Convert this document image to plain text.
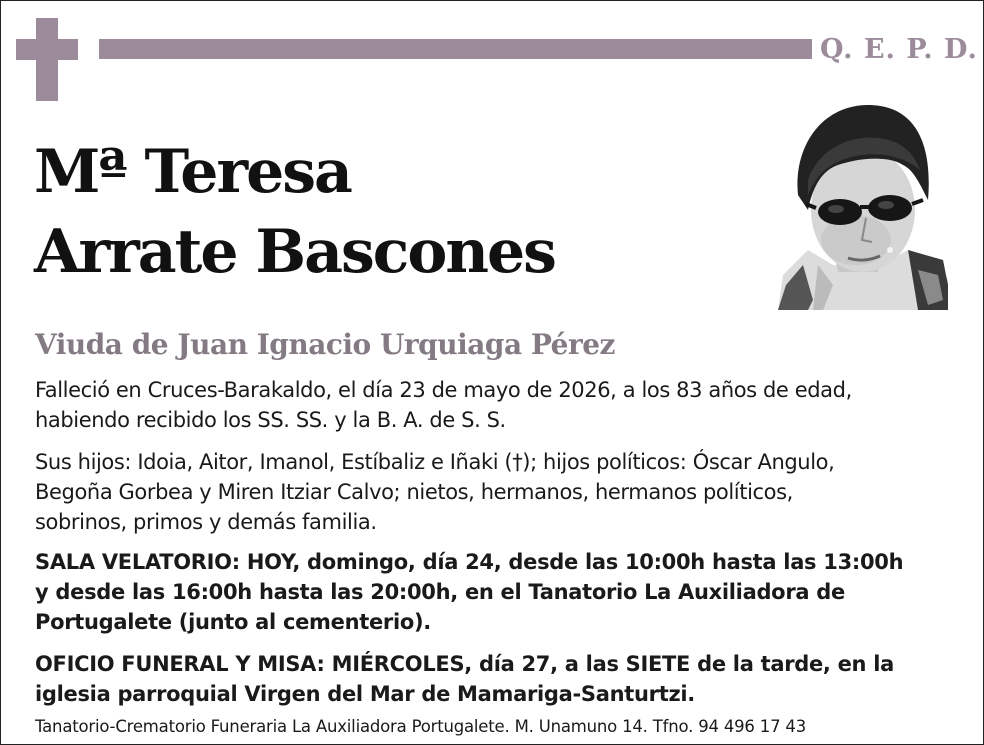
Q. E. P. D.
Mª Teresa
Arrate Bascones
Viuda de Juan Ignacio Urquiaga Pérez
Falleció en Cruces-Barakaldo, el día 23 de mayo de 2026, a los 83 años de edad,
habiendo recibido los SS. SS. y la B. A. de S. S.
Sus hijos: Idoia, Aitor, Imanol, Estíbaliz e Iñaki (†); hijos políticos: Óscar Angulo,
Begoña Gorbea y Miren Itziar Calvo; nietos, hermanos, hermanos políticos,
sobrinos, primos y demás familia.
SALA VELATORIO: HOY, domingo, día 24, desde las 10:00h hasta las 13:00h
y desde las 16:00h hasta las 20:00h, en el Tanatorio La Auxiliadora de
Portugalete (junto al cementerio).
OFICIO FUNERAL Y MISA: MIÉRCOLES, día 27, a las SIETE de la tarde, en la
iglesia parroquial Virgen del Mar de Mamariga-Santurtzi.
Tanatorio-Crematorio Funeraria La Auxiliadora Portugalete. M. Unamuno 14. Tfno. 94 496 17 43
